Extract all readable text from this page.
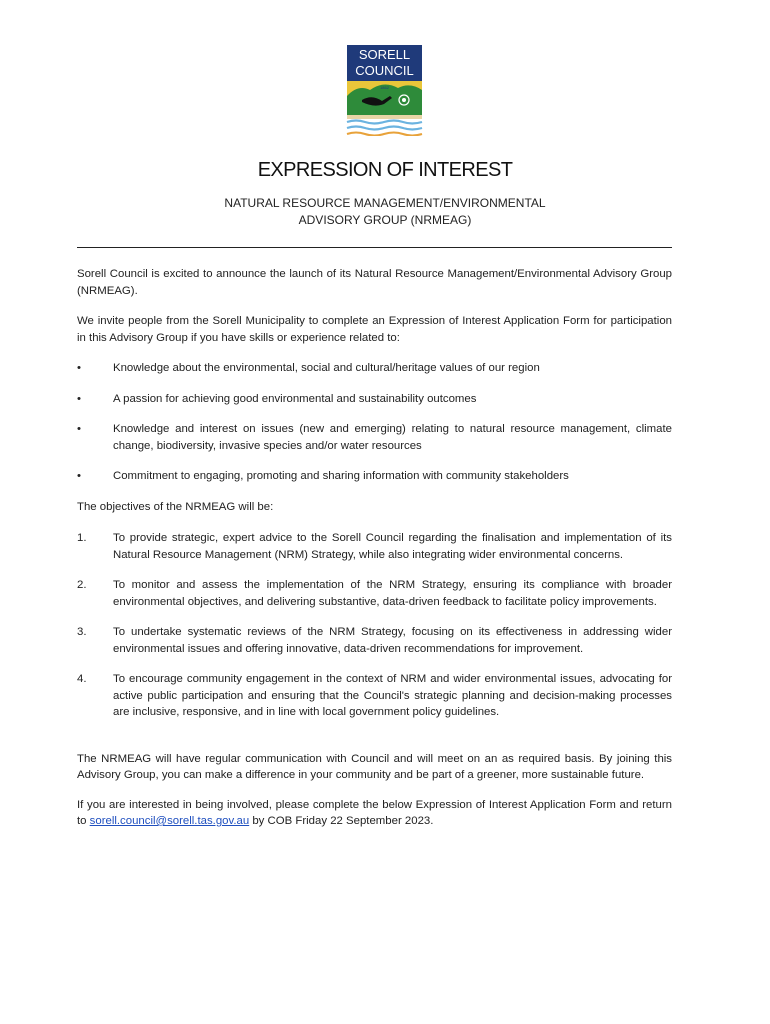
SORELL
COUNCIL
1862
EXPRESSION OF INTEREST
NATURAL RESOURCE MANAGEMENT/ENVIRONMENTAL
ADVISORY GROUP (NRMEAG)

Sorell Council is excited to announce the launch of its Natural Resource Management/Environmental Advisory Group (NRMEAG).

We invite people from the Sorell Municipality to complete an Expression of Interest Application Form for participation in this Advisory Group if you have skills or experience related to:

•	Knowledge about the environmental, social and cultural/heritage values of our region
•	A passion for achieving good environmental and sustainability outcomes
•	Knowledge and interest on issues (new and emerging) relating to natural resource management, climate change, biodiversity, invasive species and/or water resources
•	Commitment to engaging, promoting and sharing information with community stakeholders

The objectives of the NRMEAG will be:

1. To provide strategic, expert advice to the Sorell Council regarding the finalisation and implementation of its Natural Resource Management (NRM) Strategy, while also integrating wider environmental concerns.
2. To monitor and assess the implementation of the NRM Strategy, ensuring its compliance with broader environmental objectives, and delivering substantive, data-driven feedback to facilitate policy improvements.
3. To undertake systematic reviews of the NRM Strategy, focusing on its effectiveness in addressing wider environmental issues and offering innovative, data-driven recommendations for improvement.
4. To encourage community engagement in the context of NRM and wider environmental issues, advocating for active public participation and ensuring that the Council's strategic planning and decision-making processes are inclusive, responsive, and in line with local government policy guidelines.

The NRMEAG will have regular communication with Council and will meet on an as required basis. By joining this Advisory Group, you can make a difference in your community and be part of a greener, more sustainable future.

If you are interested in being involved, please complete the below Expression of Interest Application Form and return to sorell.council@sorell.tas.gov.au by COB Friday 22 September 2023.
